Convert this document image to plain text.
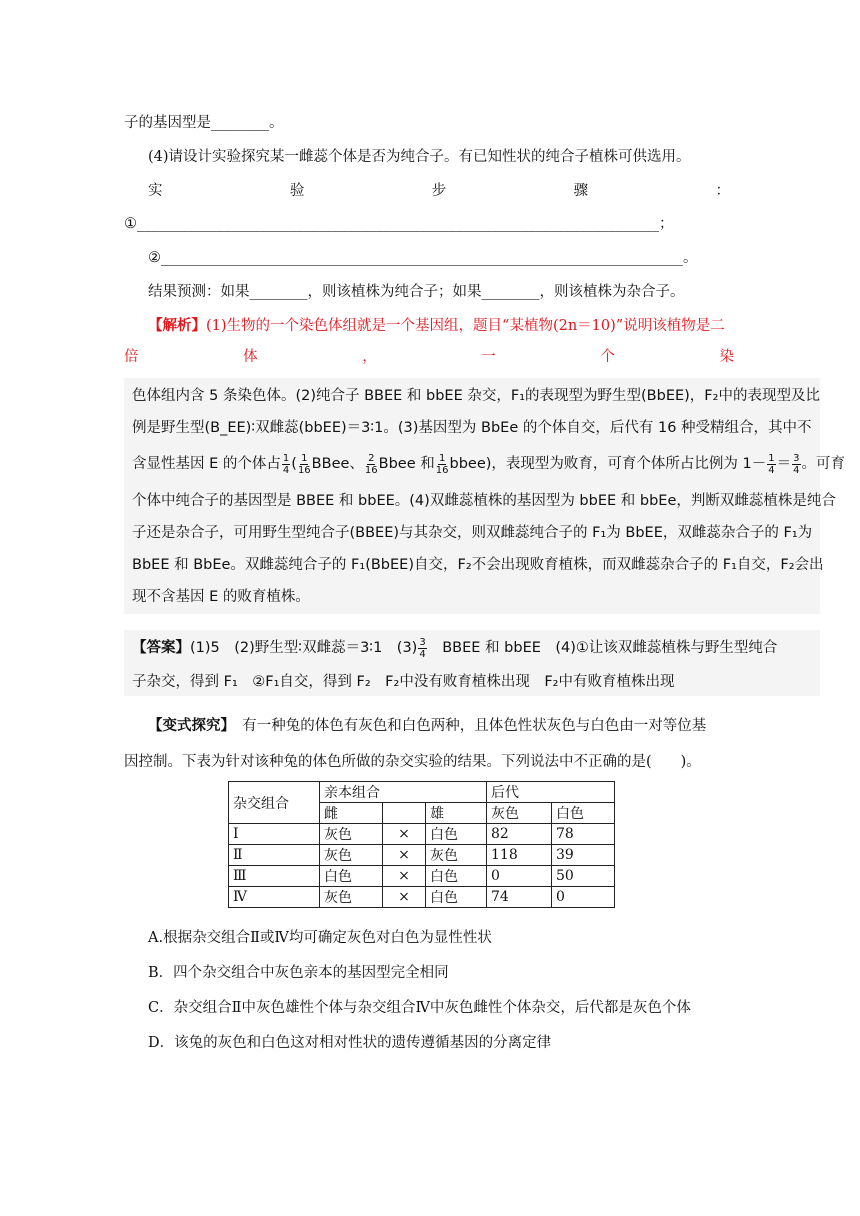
子的基因型是________。
(4)请设计实验探究某一雌蕊个体是否为纯合子。有已知性状的纯合子植株可供选用。
实	验	步	骤	：
①________________________________________________________________________；
②________________________________________________________________________。
结果预测：如果________，则该植株为纯合子；如果________，则该植株为杂合子。
【解析】(1)生物的一个染色体组就是一个基因组，题目“某植物(2n＝10)”说明该植物是二
倍	体	，	一	个	染
色体组内含 5 条染色体。(2)纯合子 BBEE 和 bbEE 杂交，F₁的表现型为野生型(BbEE)，F₂中的表现型及比
例是野生型(B_EE)∶双雌蕊(bbEE)＝3∶1。(3)基因型为 BbEe 的个体自交，后代有 16 种受精组合，其中不
含显性基因 E 的个体占 $\frac{1}{4}$ ( $\frac{1}{16}$ BBee、 $\frac{2}{16}$ Bbee 和 $\frac{1}{16}$ bbee)，表现型为败育，可育个体所占比例为 $1- \frac{1}{4} = \frac{3}{4}$ 。可育
个体中纯合子的基因型是 BBEE 和 bbEE。(4)双雌蕊植株的基因型为 bbEE 和 bbEe，判断双雌蕊植株是纯合
子还是杂合子，可用野生型纯合子(BBEE)与其杂交，则双雌蕊纯合子的 F₁为 BbEE，双雌蕊杂合子的 F₁为
BbEE 和 BbEe。双雌蕊纯合子的 F₁(BbEE)自交，F₂不会出现败育植株，而双雌蕊杂合子的 F₁自交，F₂会出
现不含基因 E 的败育植株。
【答案】(1)5　(2)野生型∶双雌蕊＝3∶1　$(3) \frac{3}{4}$ 　BBEE 和 bbEE　(4)①让该双雌蕊植株与野生型纯合
子杂交，得到 F₁　②F₁自交，得到 F₂　F₂中没有败育植株出现　F₂中有败育植株出现
【变式探究】　 有一种兔的体色有灰色和白色两种，且体色性状灰色与白色由一对等位基
因控制。下表为针对该种兔的体色所做的杂交实验的结果。下列说法中不正确的是(　　)。
杂交组合	亲本组合			后代	
	雌		雄	灰色	白色
Ⅰ	灰色	×	白色	82	78
Ⅱ	灰色	×	灰色	118	39
Ⅲ	白色	×	白色	0	50
Ⅳ	灰色	×	白色	74	0
A.根据杂交组合Ⅱ或Ⅳ均可确定灰色对白色为显性性状
B．四个杂交组合中灰色亲本的基因型完全相同
C．杂交组合Ⅱ中灰色雄性个体与杂交组合Ⅳ中灰色雌性个体杂交，后代都是灰色个体
D．该兔的灰色和白色这对相对性状的遗传遵循基因的分离定律
